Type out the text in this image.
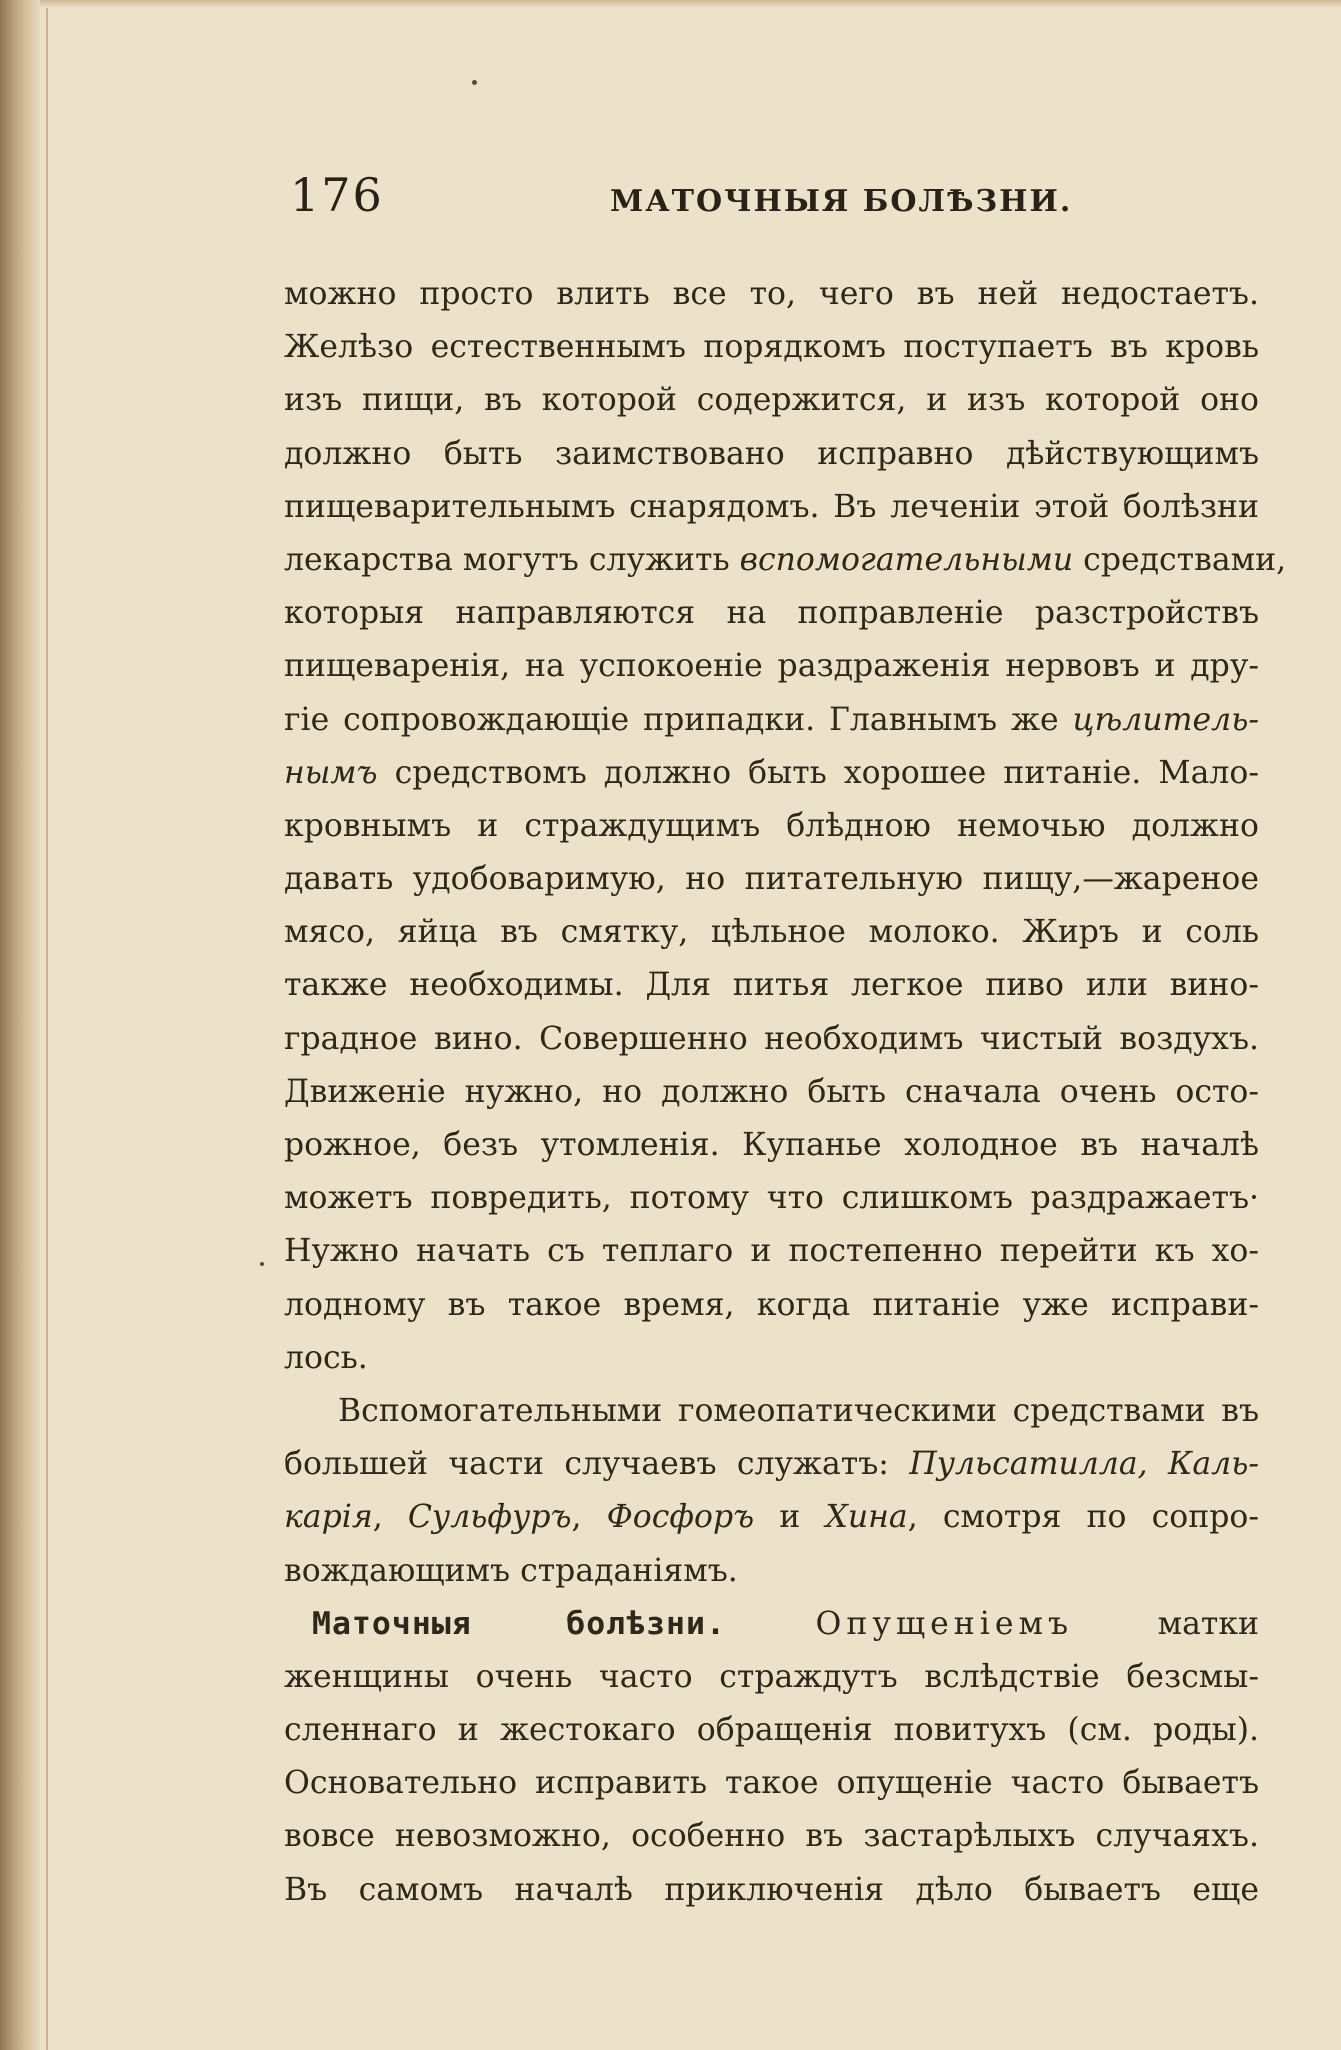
176	МАТОЧНЫЯ БОЛѢЗНИ.
можно просто влить все то, чего въ ней недостаетъ.
Желѣзо естественнымъ порядкомъ поступаетъ въ кровь
изъ пищи, въ которой содержится, и изъ которой оно
должно быть заимствовано исправно дѣйствующимъ
пищеварительнымъ снарядомъ. Въ леченіи этой болѣзни
лекарства могутъ служить вспомогательными средствами,
которыя направляются на поправленіе разстройствъ
пищеваренія, на успокоеніе раздраженія нервовъ и дру-
гіе сопровождающіе припадки. Главнымъ же цѣлитель-
нымъ средствомъ должно быть хорошее питаніе. Мало-
кровнымъ и страждущимъ блѣдною немочью должно
давать удобоваримую, но питательную пищу,—жареное
мясо, яйца въ смятку, цѣльное молоко. Жиръ и соль
также необходимы. Для питья легкое пиво или вино-
градное вино. Совершенно необходимъ чистый воздухъ.
Движеніе нужно, но должно быть сначала очень осто-
рожное, безъ утомленія. Купанье холодное въ началѣ
можетъ повредить, потому что слишкомъ раздражаетъ·
Нужно начать съ теплаго и постепенно перейти къ хо-
лодному въ такое время, когда питаніе уже исправи-
лось.
Вспомогательными гомеопатическими средствами въ
большей части случаевъ служатъ: Пульсатилла, Каль-
карія, Сульфуръ, Фосфоръ и Хина, смотря по сопро-
вождающимъ страданіямъ.
Маточныя болѣзни. Опущеніемъ матки
женщины очень часто страждутъ вслѣдствіе безсмы-
сленнаго и жестокаго обращенія повитухъ (см. роды).
Основательно исправить такое опущеніе часто бываетъ
вовсе невозможно, особенно въ застарѣлыхъ случаяхъ.
Въ самомъ началѣ приключенія дѣло бываетъ еще
